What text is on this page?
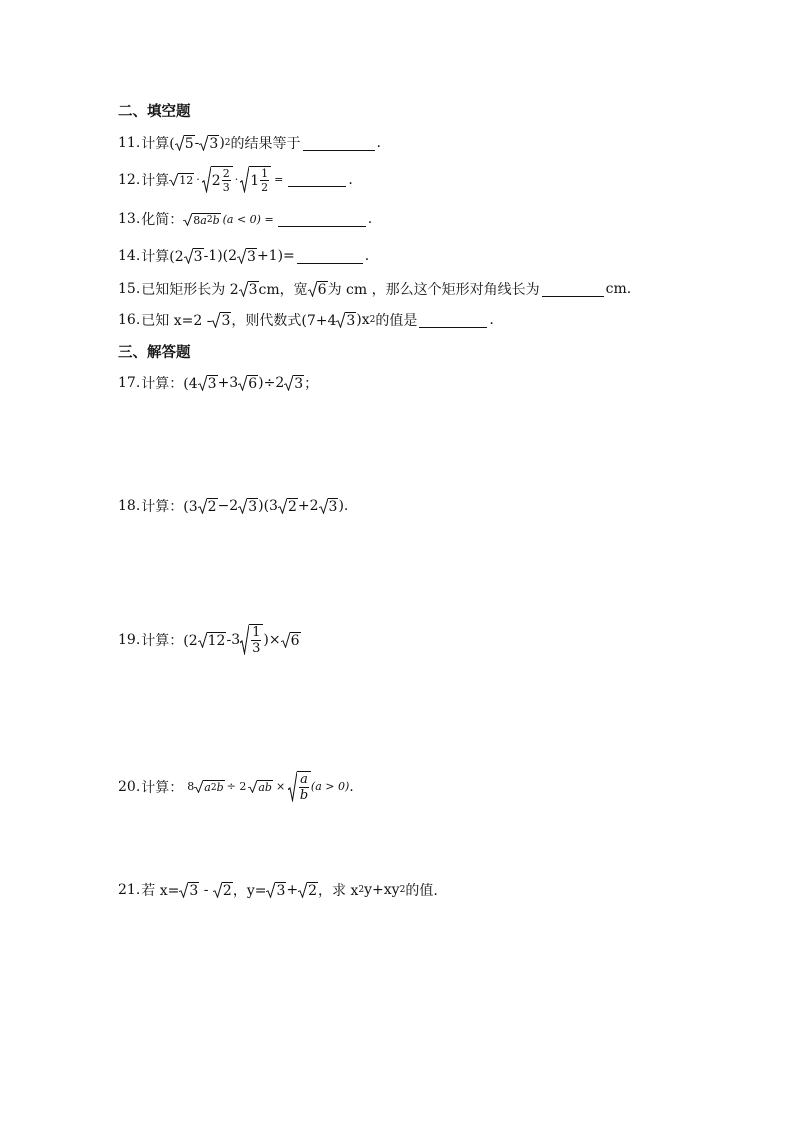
二、填空题
11. 计算( 5 - 3 ) 2 的结果等于	.
12. 计算 $12 \cdot 2 \frac{2}{3} \cdot 1 \frac{1}{2}$ =	.
13. 化简： 8 a 2 b (a < 0) =	.
14. 计算(2 3 -1)(2 3 +1)=	.
15. 已知矩形长为 2 3 cm，宽 6 为 cm ，那么这个矩形对角线长为	cm.
16. 已知 x=2 - 3 ，则代数式(7+4 3 )x 2 的值是	.
三、解答题
17. 计算：(4 3 +3 6 )÷2 3 ；
18. 计算：(3 2 −2 3 )(3 2 +2 3 ).
19. 计算：(2 12 $-3 \frac{1}{3}$ )× 6
20. 计算： 8 a 2 b ÷ 2 ab × $\frac{a}{b} (a > 0)$ .
21. 若 x= 3 - 2 ，y= 3 + 2 ，求 x 2 y+xy 2 的值.
